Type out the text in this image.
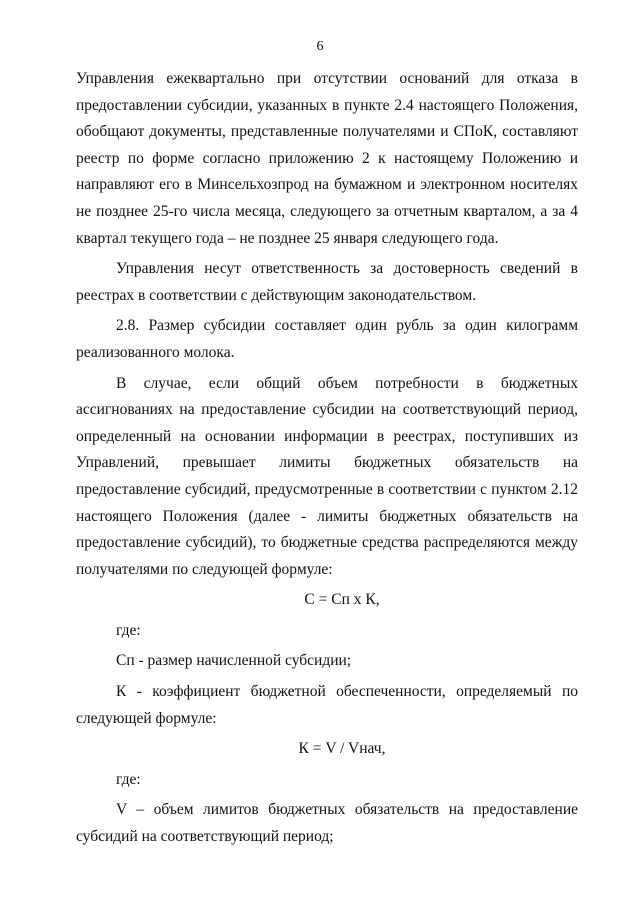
6

Управления ежеквартально при отсутствии оснований для отказа в предоставлении субсидии, указанных в пункте 2.4 настоящего Положения, обобщают документы, представленные получателями и СПоК, составляют реестр по форме согласно приложению 2 к настоящему Положению и направляют его в Минсельхозпрод на бумажном и электронном носителях не позднее 25-го числа месяца, следующего за отчетным кварталом, а за 4 квартал текущего года – не позднее 25 января следующего года.

Управления несут ответственность за достоверность сведений в реестрах в соответствии с действующим законодательством.

2.8. Размер субсидии составляет один рубль за один килограмм реализованного молока.

В случае, если общий объем потребности в бюджетных ассигнованиях на предоставление субсидии на соответствующий период, определенный на основании информации в реестрах, поступивших из Управлений, превышает лимиты бюджетных обязательств на предоставление субсидий, предусмотренные в соответствии с пунктом 2.12 настоящего Положения (далее - лимиты бюджетных обязательств на предоставление субсидий), то бюджетные средства распределяются между получателями по следующей формуле:

С = Сп х К,

где:

Сп - размер начисленной субсидии;

К - коэффициент бюджетной обеспеченности, определяемый по следующей формуле:

К = V / Vнач,

где:

V – объем лимитов бюджетных обязательств на предоставление субсидий на соответствующий период;
